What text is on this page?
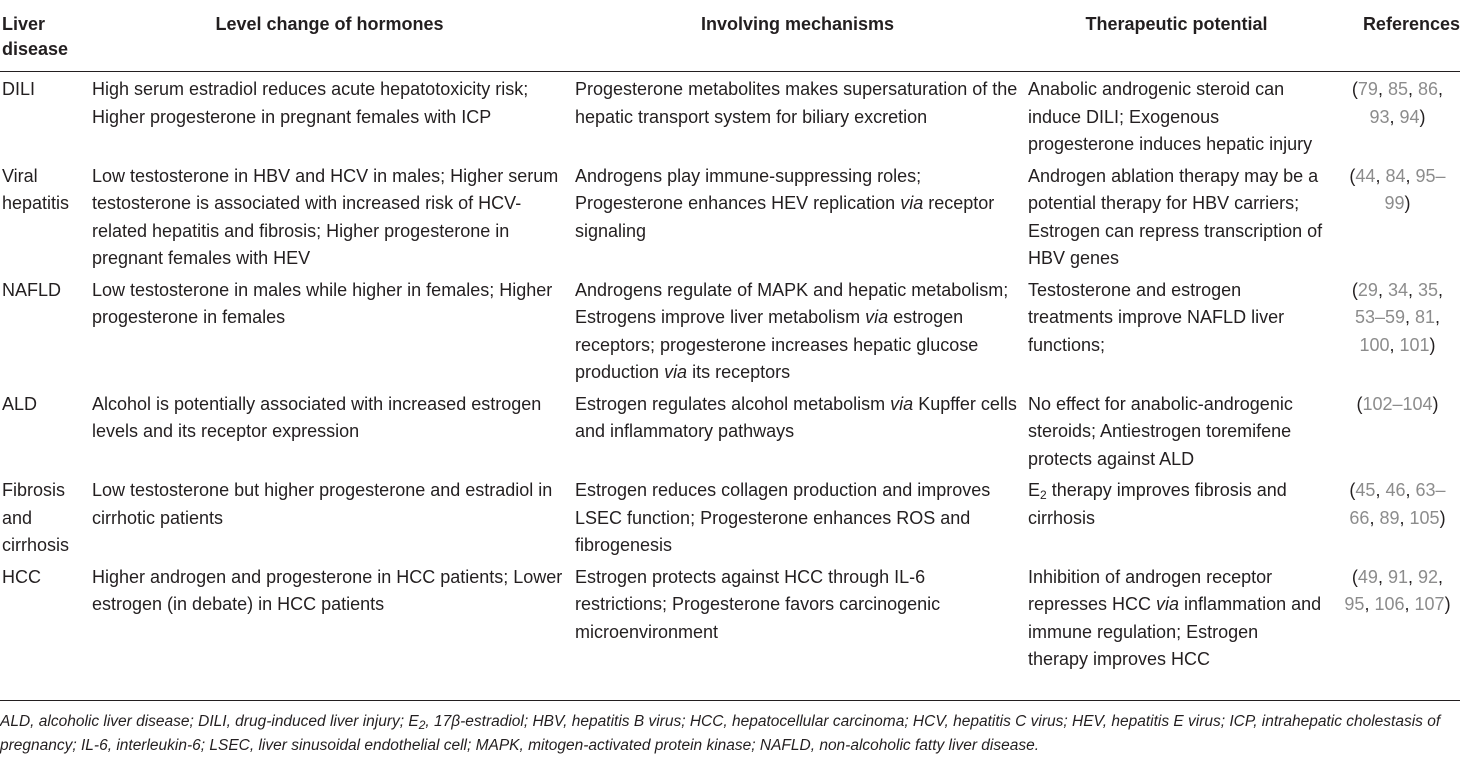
Liver disease	Level change of hormones	Involving mechanisms	Therapeutic potential	References
DILI	High serum estradiol reduces acute hepatotoxicity risk; Higher progesterone in pregnant females with ICP	Progesterone metabolites makes supersaturation of the hepatic transport system for biliary excretion	Anabolic androgenic steroid can induce DILI; Exogenous progesterone induces hepatic injury	(79, 85, 86, 93, 94)
Viral hepatitis	Low testosterone in HBV and HCV in males; Higher serum testosterone is associated with increased risk of HCV-related hepatitis and fibrosis; Higher progesterone in pregnant females with HEV	Androgens play immune-suppressing roles; Progesterone enhances HEV replication via receptor signaling	Androgen ablation therapy may be a potential therapy for HBV carriers; Estrogen can repress transcription of HBV genes	(44, 84, 95–99)
NAFLD	Low testosterone in males while higher in females; Higher progesterone in females	Androgens regulate of MAPK and hepatic metabolism; Estrogens improve liver metabolism via estrogen receptors; progesterone increases hepatic glucose production via its receptors	Testosterone and estrogen treatments improve NAFLD liver functions;	(29, 34, 35, 53–59, 81, 100, 101)
ALD	Alcohol is potentially associated with increased estrogen levels and its receptor expression	Estrogen regulates alcohol metabolism via Kupffer cells and inflammatory pathways	No effect for anabolic-androgenic steroids; Antiestrogen toremifene protects against ALD	(102–104)
Fibrosis and cirrhosis	Low testosterone but higher progesterone and estradiol in cirrhotic patients	Estrogen reduces collagen production and improves LSEC function; Progesterone enhances ROS and fibrogenesis	$E_2$ therapy improves fibrosis and cirrhosis	(45, 46, 63–66, 89, 105)
HCC	Higher androgen and progesterone in HCC patients; Lower estrogen (in debate) in HCC patients	Estrogen protects against HCC through IL-6 restrictions; Progesterone favors carcinogenic microenvironment	Inhibition of androgen receptor represses HCC via inflammation and immune regulation; Estrogen therapy improves HCC	(49, 91, 92, 95, 106, 107)
ALD, alcoholic liver disease; DILI, drug-induced liver injury; $E_2$, 17β-estradiol; HBV, hepatitis B virus; HCC, hepatocellular carcinoma; HCV, hepatitis C virus; HEV, hepatitis E virus; ICP, intrahepatic cholestasis of pregnancy; IL-6, interleukin-6; LSEC, liver sinusoidal endothelial cell; MAPK, mitogen-activated protein kinase; NAFLD, non-alcoholic fatty liver disease.
